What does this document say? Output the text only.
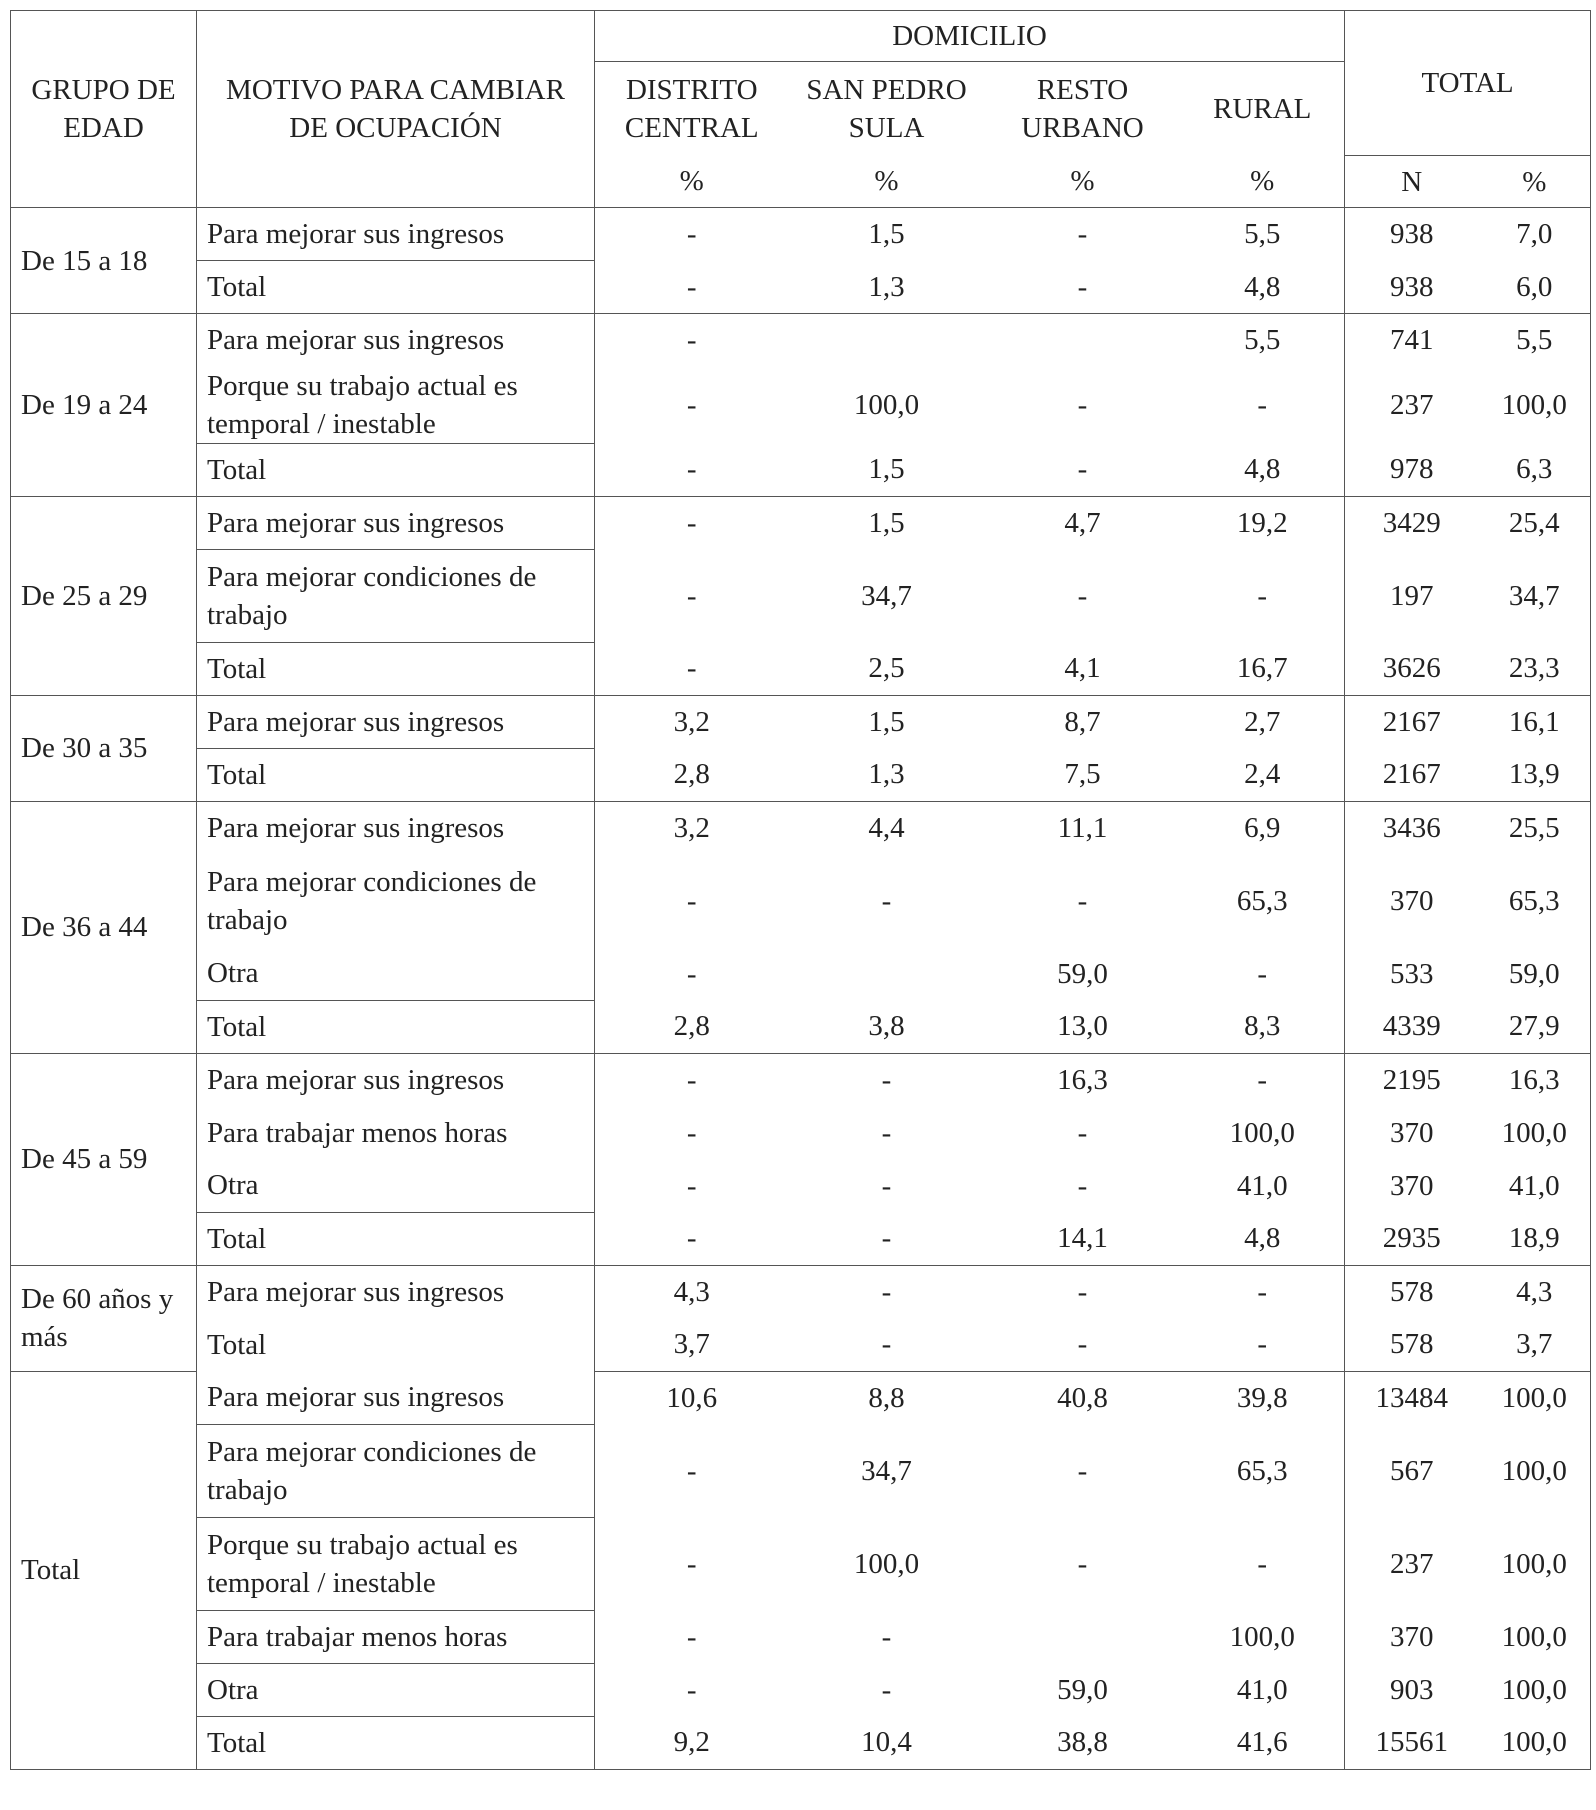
GRUPO DE EDAD	MOTIVO PARA CAMBIAR DE OCUPACIÓN	DOMICILIO				TOTAL	
		DISTRITO CENTRAL	SAN PEDRO SULA	RESTO URBANO	RURAL		
		%	%	%	%	N	%
De 15 a 18	Para mejorar sus ingresos	-	1,5	-	5,5	938	7,0
	Total	-	1,3	-	4,8	938	6,0
De 19 a 24	Para mejorar sus ingresos	-			5,5	741	5,5
	Porque su trabajo actual es temporal / inestable	-	100,0	-	-	237	100,0
	Total	-	1,5	-	4,8	978	6,3
De 25 a 29	Para mejorar sus ingresos	-	1,5	4,7	19,2	3429	25,4
	Para mejorar condiciones de trabajo	-	34,7	-	-	197	34,7
	Total	-	2,5	4,1	16,7	3626	23,3
De 30 a 35	Para mejorar sus ingresos	3,2	1,5	8,7	2,7	2167	16,1
	Total	2,8	1,3	7,5	2,4	2167	13,9
De 36 a 44	Para mejorar sus ingresos	3,2	4,4	11,1	6,9	3436	25,5
	Para mejorar condiciones de trabajo	-	-	-	65,3	370	65,3
	Otra	-		59,0	-	533	59,0
	Total	2,8	3,8	13,0	8,3	4339	27,9
De 45 a 59	Para mejorar sus ingresos	-	-	16,3	-	2195	16,3
	Para trabajar menos horas	-	-	-	100,0	370	100,0
	Otra	-	-	-	41,0	370	41,0
	Total	-	-	14,1	4,8	2935	18,9
De 60 años y más	Para mejorar sus ingresos	4,3	-	-	-	578	4,3
	Total	3,7	-	-	-	578	3,7
Total	Para mejorar sus ingresos	10,6	8,8	40,8	39,8	13484	100,0
	Para mejorar condiciones de trabajo	-	34,7	-	65,3	567	100,0
	Porque su trabajo actual es temporal / inestable	-	100,0	-	-	237	100,0
	Para trabajar menos horas	-	-		100,0	370	100,0
	Otra	-	-	59,0	41,0	903	100,0
	Total	9,2	10,4	38,8	41,6	15561	100,0
